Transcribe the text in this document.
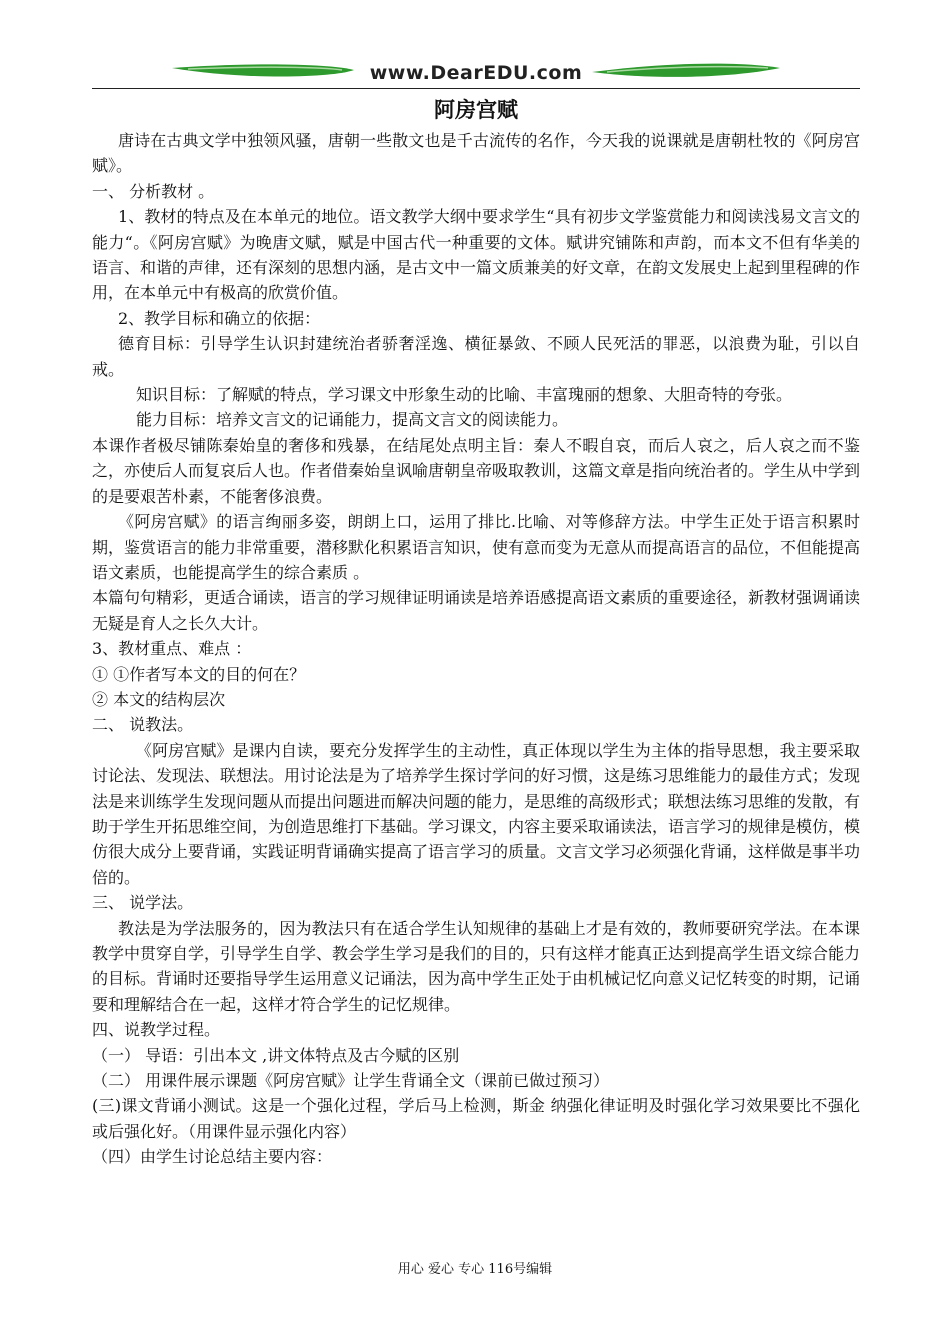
www.DearEDU.com
阿房宫赋

唐诗在古典文学中独领风骚，唐朝一些散文也是千古流传的名作，今天我的说课就是唐朝杜牧的《阿房宫赋》。

一、 分析教材 。

1、教材的特点及在本单元的地位。语文教学大纲中要求学生“具有初步文学鉴赏能力和阅读浅易文言文的能力“。《阿房宫赋》为晚唐文赋，赋是中国古代一种重要的文体。赋讲究铺陈和声韵，而本文不但有华美的语言、和谐的声律，还有深刻的思想内涵，是古文中一篇文质兼美的好文章，在韵文发展史上起到里程碑的作用，在本单元中有极高的欣赏价值。

2、教学目标和确立的依据：

德育目标：引导学生认识封建统治者骄奢淫逸、横征暴敛、不顾人民死活的罪恶，以浪费为耻，引以自戒。

知识目标：了解赋的特点，学习课文中形象生动的比喻、丰富瑰丽的想象、大胆奇特的夸张。

能力目标：培养文言文的记诵能力，提高文言文的阅读能力。

本课作者极尽铺陈秦始皇的奢侈和残暴，在结尾处点明主旨：秦人不暇自哀，而后人哀之，后人哀之而不鉴之，亦使后人而复哀后人也。作者借秦始皇讽喻唐朝皇帝吸取教训，这篇文章是指向统治者的。学生从中学到的是要艰苦朴素，不能奢侈浪费。

《阿房宫赋》的语言绚丽多姿，朗朗上口，运用了排比.比喻、对等修辞方法。中学生正处于语言积累时期，鉴赏语言的能力非常重要，潜移默化积累语言知识，使有意而变为无意从而提高语言的品位，不但能提高语文素质，也能提高学生的综合素质 。

本篇句句精彩，更适合诵读，语言的学习规律证明诵读是培养语感提高语文素质的重要途径，新教材强调诵读无疑是育人之长久大计。

3、教材重点、难点 ：

① ①作者写本文的目的何在？

② 本文的结构层次

二、 说教法。

《阿房宫赋》是课内自读，要充分发挥学生的主动性，真正体现以学生为主体的指导思想，我主要采取讨论法、发现法、联想法。用讨论法是为了培养学生探讨学问的好习惯，这是练习思维能力的最佳方式；发现法是来训练学生发现问题从而提出问题进而解决问题的能力，是思维的高级形式；联想法练习思维的发散，有助于学生开拓思维空间，为创造思维打下基础。学习课文，内容主要采取诵读法，语言学习的规律是模仿，模仿很大成分上要背诵，实践证明背诵确实提高了语言学习的质量。文言文学习必须强化背诵，这样做是事半功倍的。

三、 说学法。

教法是为学法服务的，因为教法只有在适合学生认知规律的基础上才是有效的，教师要研究学法。在本课教学中贯穿自学，引导学生自学、教会学生学习是我们的目的，只有这样才能真正达到提高学生语文综合能力的目标。背诵时还要指导学生运用意义记诵法，因为高中学生正处于由机械记忆向意义记忆转变的时期，记诵要和理解结合在一起，这样才符合学生的记忆规律。

四、说教学过程。

（一） 导语：引出本文 ,讲文体特点及古今赋的区别

（二） 用课件展示课题《阿房宫赋》让学生背诵全文（课前已做过预习）

(三)课文背诵小测试。这是一个强化过程，学后马上检测，斯金 纳强化律证明及时强化学习效果要比不强化或后强化好。（用课件显示强化内容）

（四）由学生讨论总结主要内容：

用心 爱心 专心 116号编辑
